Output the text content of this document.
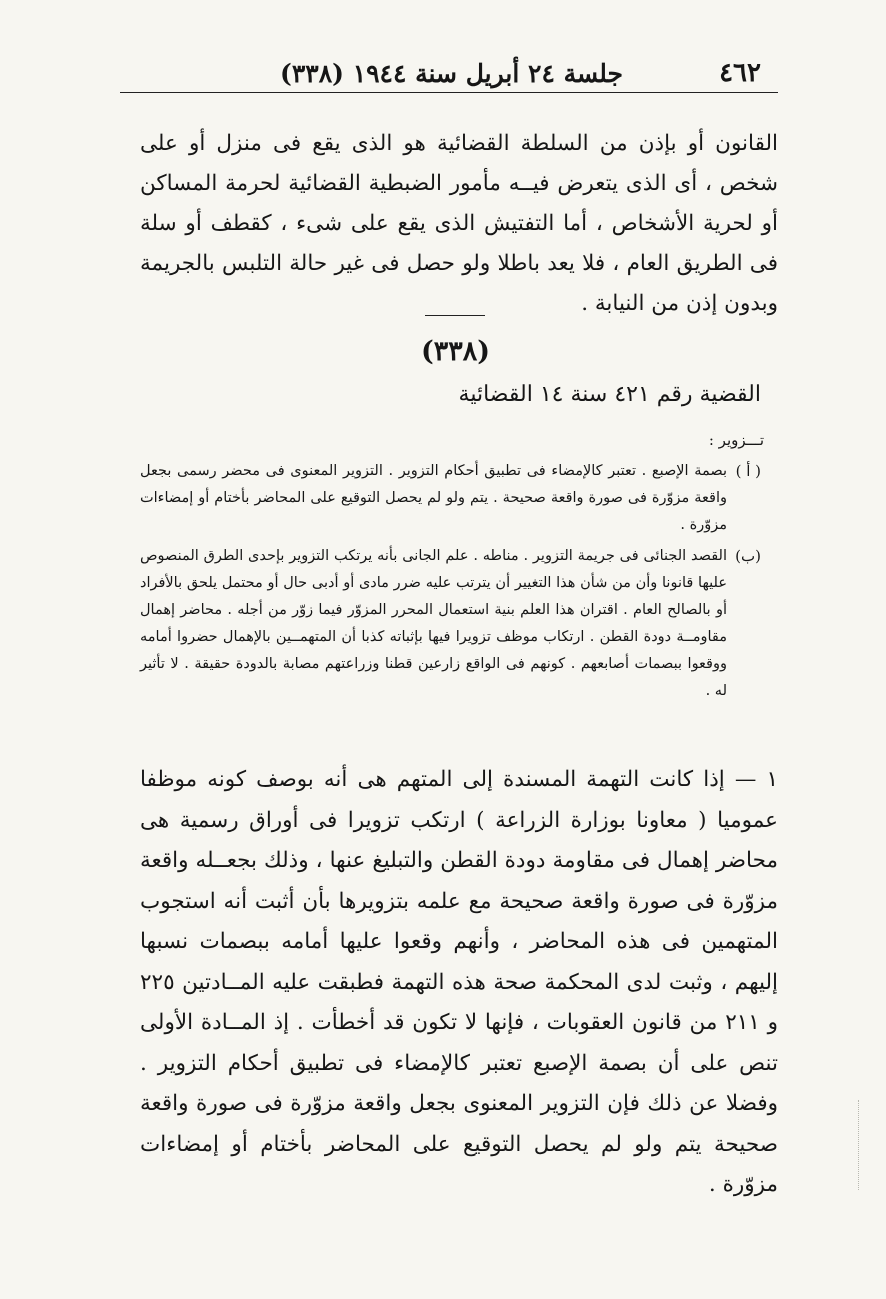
٤٦٢
جلسة ٢٤ أبريل سنة ١٩٤٤ (٣٣٨)

القانون أو بإذن من السلطة القضائية هو الذى يقع فى منزل أو على شخص ، أى الذى يتعرض فيــه مأمور الضبطية القضائية لحرمة المساكن أو لحرية الأشخاص ، أما التفتيش الذى يقع على شىء ، كقطف أو سلة فى الطريق العام ، فلا يعد باطلا ولو حصل فى غير حالة التلبس بالجريمة وبدون إذن من النيابة .

(٣٣٨)
القضية رقم ٤٢١ سنة ١٤ القضائية
تـــزوير :
( أ )
بصمة الإصبع . تعتبر كالإمضاء فى تطبيق أحكام التزوير . التزوير المعنوى فى محضر رسمى بجعل واقعة مزوّرة فى صورة واقعة صحيحة . يتم ولو لم يحصل التوقيع على المحاضر بأختام أو إمضاءات مزوّرة .
(ب)
القصد الجنائى فى جريمة التزوير . مناطه . علم الجانى بأنه يرتكب التزوير بإحدى الطرق المنصوص عليها قانونا وأن من شأن هذا التغيير أن يترتب عليه ضرر مادى أو أدبى حال أو محتمل يلحق بالأفراد أو بالصالح العام . اقتران هذا العلم بنية استعمال المحرر المزوّر فيما زوّر من أجله . محاضر إهمال مقاومــة دودة القطن . ارتكاب موظف تزويرا فيها بإثباته كذبا أن المتهمــين بالإهمال حضروا أمامه ووقعوا ببصمات أصابعهم . كونهم فى الواقع زارعين قطنا وزراعتهم مصابة بالدودة حقيقة . لا تأثير له .

١ — إذا كانت التهمة المسندة إلى المتهم هى أنه بوصف كونه موظفا عموميا ( معاونا بوزارة الزراعة ) ارتكب تزويرا فى أوراق رسمية هى محاضر إهمال فى مقاومة دودة القطن والتبليغ عنها ، وذلك بجعــله واقعة مزوّرة فى صورة واقعة صحيحة مع علمه بتزويرها بأن أثبت أنه استجوب المتهمين فى هذه المحاضر ، وأنهم وقعوا عليها أمامه ببصمات نسبها إليهم ، وثبت لدى المحكمة صحة هذه التهمة فطبقت عليه المــادتين ٢٢٥ و ٢١١ من قانون العقوبات ، فإنها لا تكون قد أخطأت . إذ المــادة الأولى تنص على أن بصمة الإصبع تعتبر كالإمضاء فى تطبيق أحكام التزوير . وفضلا عن ذلك فإن التزوير المعنوى بجعل واقعة مزوّرة فى صورة واقعة صحيحة يتم ولو لم يحصل التوقيع على المحاضر بأختام أو إمضاءات مزوّرة .
